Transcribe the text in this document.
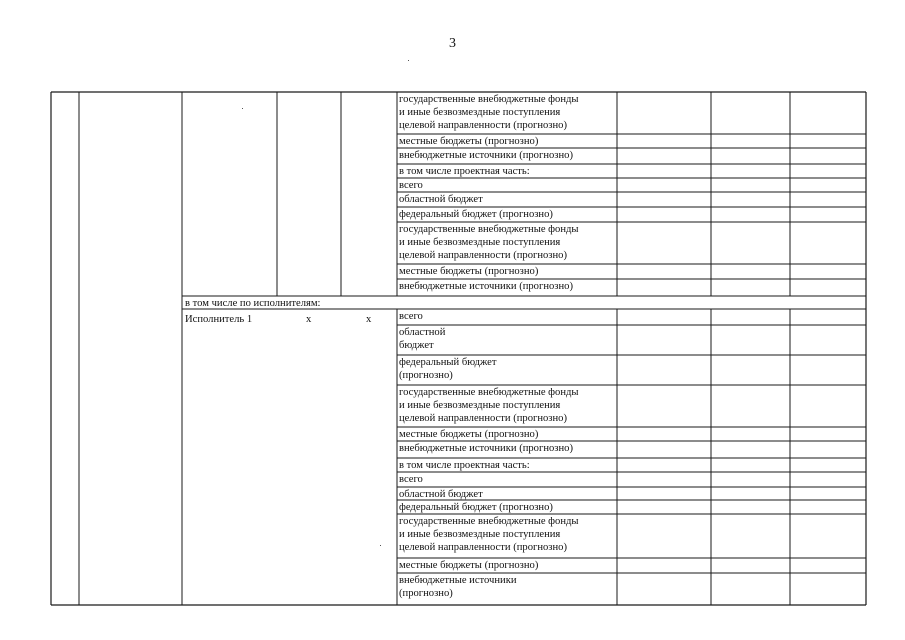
3
государственные внебюджетные фонды
и иные безвозмездные поступления
целевой направленности (прогнозно)
местные бюджеты (прогнозно)
внебюджетные источники (прогнозно)
в том числе проектная часть:
всего
областной бюджет
федеральный бюджет (прогнозно)
государственные внебюджетные фонды
и иные безвозмездные поступления
целевой направленности (прогнозно)
местные бюджеты (прогнозно)
внебюджетные источники (прогнозно)
в том числе по исполнителям:
всего
областной
бюджет
федеральный бюджет
(прогнозно)
государственные внебюджетные фонды
и иные безвозмездные поступления
целевой направленности (прогнозно)
местные бюджеты (прогнозно)
внебюджетные источники (прогнозно)
в том числе проектная часть:
всего
областной бюджет
федеральный бюджет (прогнозно)
государственные внебюджетные фонды
и иные безвозмездные поступления
целевой направленности (прогнозно)
местные бюджеты (прогнозно)
внебюджетные источники
(прогнозно)
Исполнитель 1	х	х
